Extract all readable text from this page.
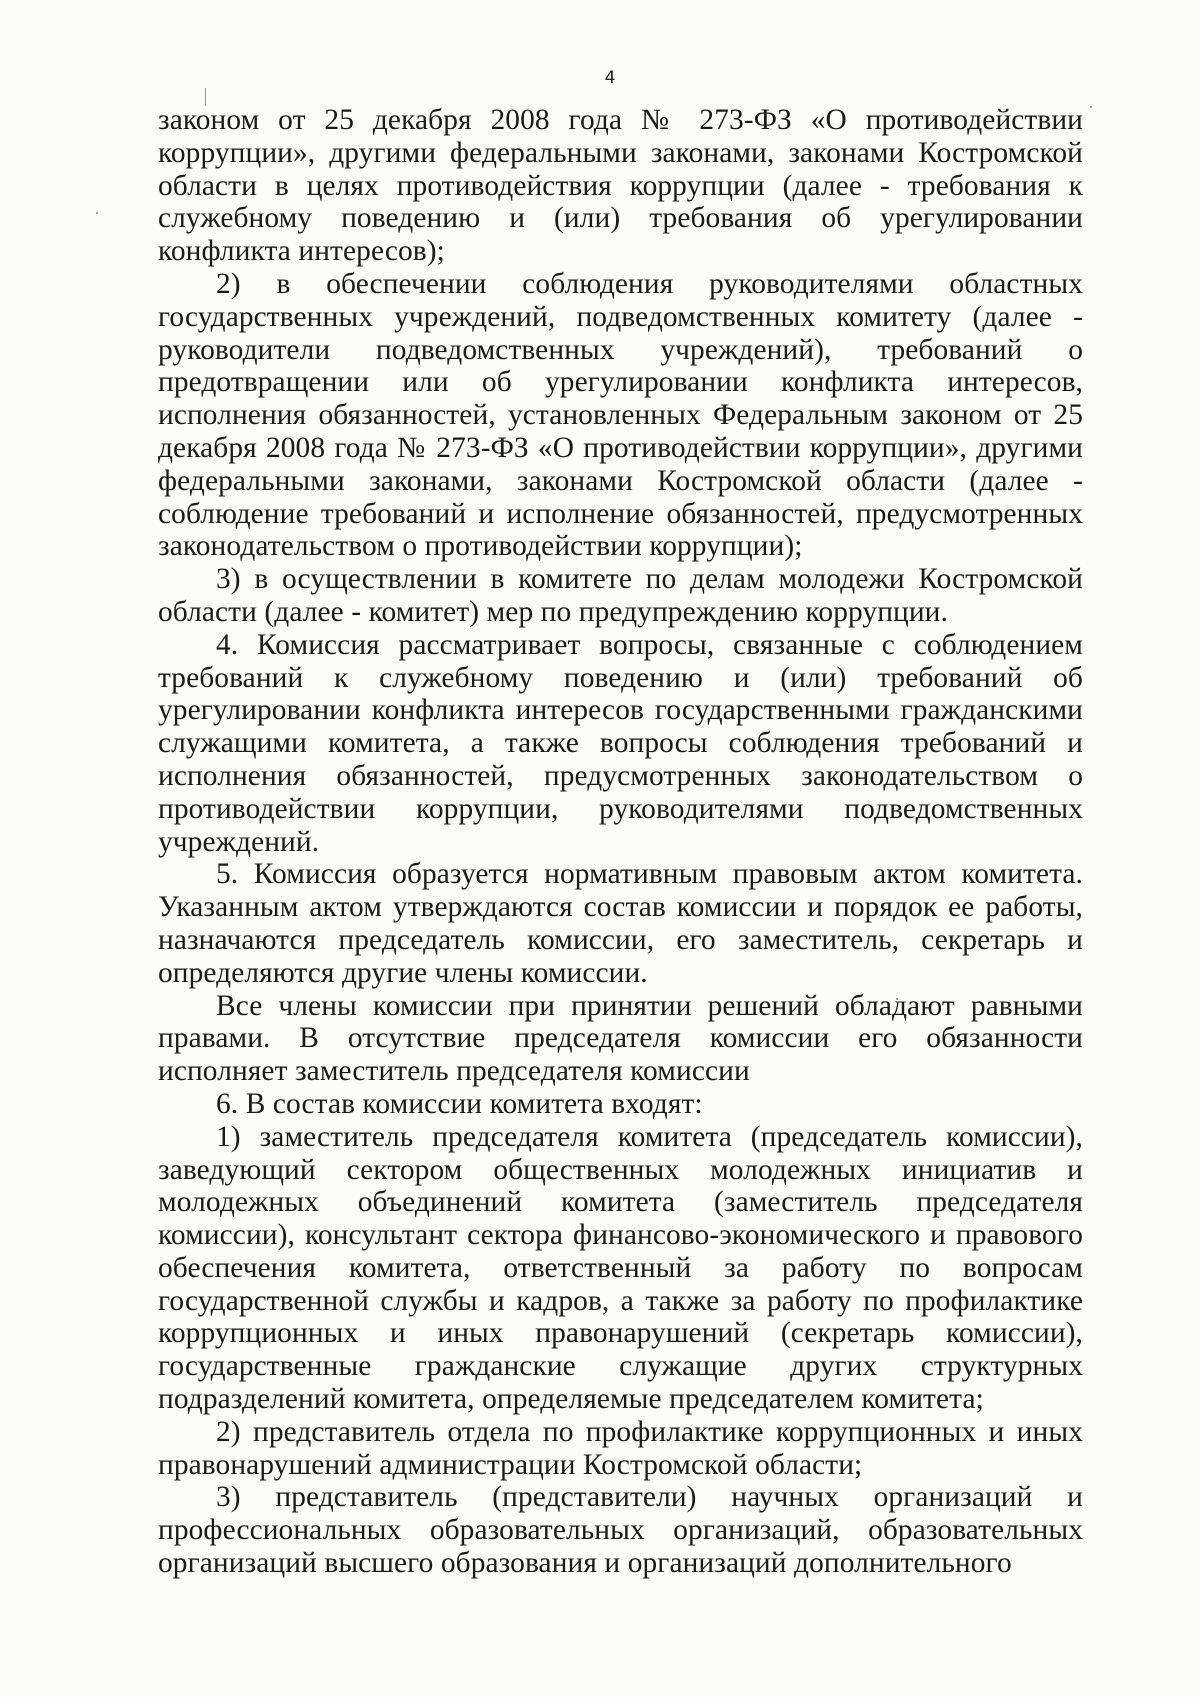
4

законом от 25 декабря 2008 года № 273-ФЗ «О противодействии коррупции», другими федеральными законами, законами Костромской области в целях противодействия коррупции (далее - требования к служебному поведению и (или) требования об урегулировании конфликта интересов);

2) в обеспечении соблюдения руководителями областных государственных учреждений, подведомственных комитету (далее - руководители подведомственных учреждений), требований о предотвращении или об урегулировании конфликта интересов, исполнения обязанностей, установленных Федеральным законом от 25 декабря 2008 года № 273-ФЗ «О противодействии коррупции», другими федеральными законами, законами Костромской области (далее - соблюдение требований и исполнение обязанностей, предусмотренных законодательством о противодействии коррупции);

3) в осуществлении в комитете по делам молодежи Костромской области (далее - комитет) мер по предупреждению коррупции.

4. Комиссия рассматривает вопросы, связанные с соблюдением требований к служебному поведению и (или) требований об урегулировании конфликта интересов государственными гражданскими служащими комитета, а также вопросы соблюдения требований и исполнения обязанностей, предусмотренных законодательством о противодействии коррупции, руководителями подведомственных учреждений.

5. Комиссия образуется нормативным правовым актом комитета. Указанным актом утверждаются состав комиссии и порядок ее работы, назначаются председатель комиссии, его заместитель, секретарь и определяются другие члены комиссии.

Все члены комиссии при принятии решений обладают равными правами. В отсутствие председателя комиссии его обязанности исполняет заместитель председателя комиссии

6. В состав комиссии комитета входят:

1) заместитель председателя комитета (председатель комиссии), заведующий сектором общественных молодежных инициатив и молодежных объединений комитета (заместитель председателя комиссии), консультант сектора финансово-экономического и правового обеспечения комитета, ответственный за работу по вопросам государственной службы и кадров, а также за работу по профилактике коррупционных и иных правонарушений (секретарь комиссии), государственные гражданские служащие других структурных подразделений комитета, определяемые председателем комитета;

2) представитель отдела по профилактике коррупционных и иных правонарушений администрации Костромской области;

3) представитель (представители) научных организаций и профессиональных образовательных организаций, образовательных организаций высшего образования и организаций дополнительного
